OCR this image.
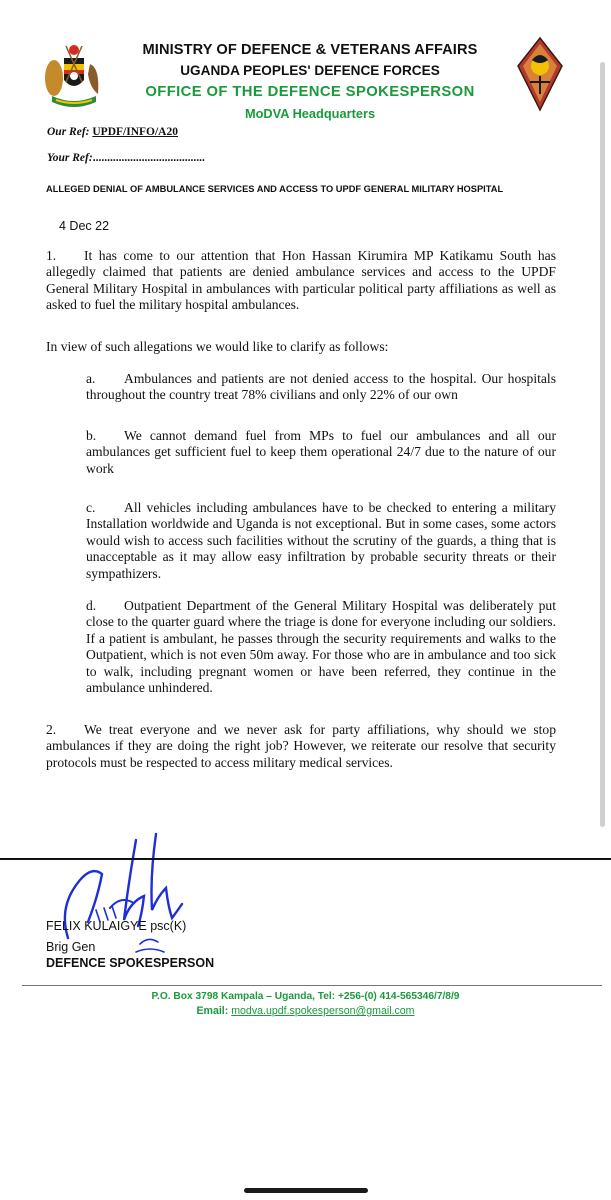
MINISTRY OF DEFENCE & VETERANS AFFAIRS
UGANDA PEOPLES' DEFENCE FORCES
OFFICE OF THE DEFENCE SPOKESPERSON
MoDVA Headquarters
Our Ref: UPDF/INFO/A20
Your Ref:.......................................
ALLEGED DENIAL OF AMBULANCE SERVICES AND ACCESS TO UPDF GENERAL MILITARY HOSPITAL
4 Dec 22
1. It has come to our attention that Hon Hassan Kirumira MP Katikamu South has allegedly claimed that patients are denied ambulance services and access to the UPDF General Military Hospital in ambulances with particular political party affiliations as well as asked to fuel the military hospital ambulances.
In view of such allegations we would like to clarify as follows:
a. Ambulances and patients are not denied access to the hospital. Our hospitals throughout the country treat 78% civilians and only 22% of our own
b. We cannot demand fuel from MPs to fuel our ambulances and all our ambulances get sufficient fuel to keep them operational 24/7 due to the nature of our work
c. All vehicles including ambulances have to be checked to entering a military Installation worldwide and Uganda is not exceptional. But in some cases, some actors would wish to access such facilities without the scrutiny of the guards, a thing that is unacceptable as it may allow easy infiltration by probable security threats or their sympathizers.
d. Outpatient Department of the General Military Hospital was deliberately put close to the quarter guard where the triage is done for everyone including our soldiers. If a patient is ambulant, he passes through the security requirements and walks to the Outpatient, which is not even 50m away. For those who are in ambulance and too sick to walk, including pregnant women or have been referred, they continue in the ambulance unhindered.
2. We treat everyone and we never ask for party affiliations, why should we stop ambulances if they are doing the right job? However, we reiterate our resolve that security protocols must be respected to access military medical services.
FELIX KULAIGYE psc(K)
Brig Gen
DEFENCE SPOKESPERSON
P.O. Box 3798 Kampala – Uganda, Tel: +256-(0) 414-565346/7/8/9
Email: modva.updf.spokesperson@gmail.com
